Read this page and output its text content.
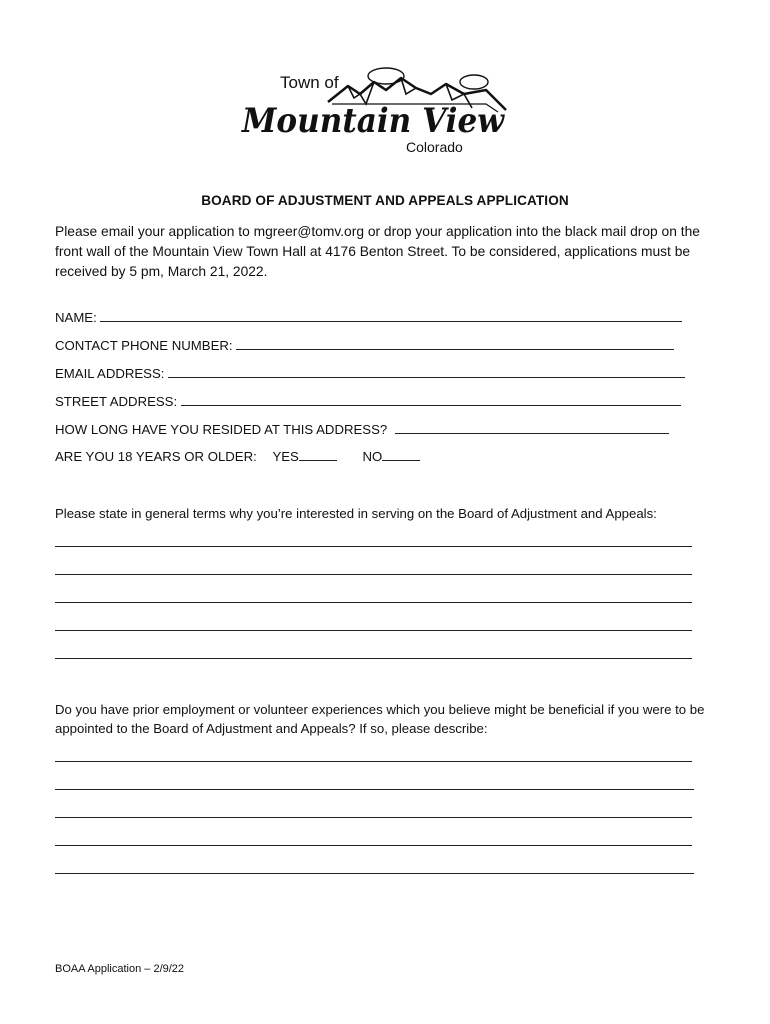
Town of
Mountain View
Colorado
BOARD OF ADJUSTMENT AND APPEALS APPLICATION
Please email your application to mgreer@tomv.org or drop your application into the black mail drop on the front wall of the Mountain View Town Hall at 4176 Benton Street. To be considered, applications must be received by 5 pm, March 21, 2022.
NAME:
CONTACT PHONE NUMBER:
EMAIL ADDRESS:
STREET ADDRESS:
HOW LONG HAVE YOU RESIDED AT THIS ADDRESS?
ARE YOU 18 YEARS OR OLDER: YES	NO
Please state in general terms why you’re interested in serving on the Board of Adjustment and Appeals:
Do you have prior employment or volunteer experiences which you believe might be beneficial if you were to be appointed to the Board of Adjustment and Appeals? If so, please describe:
BOAA Application – 2/9/22
